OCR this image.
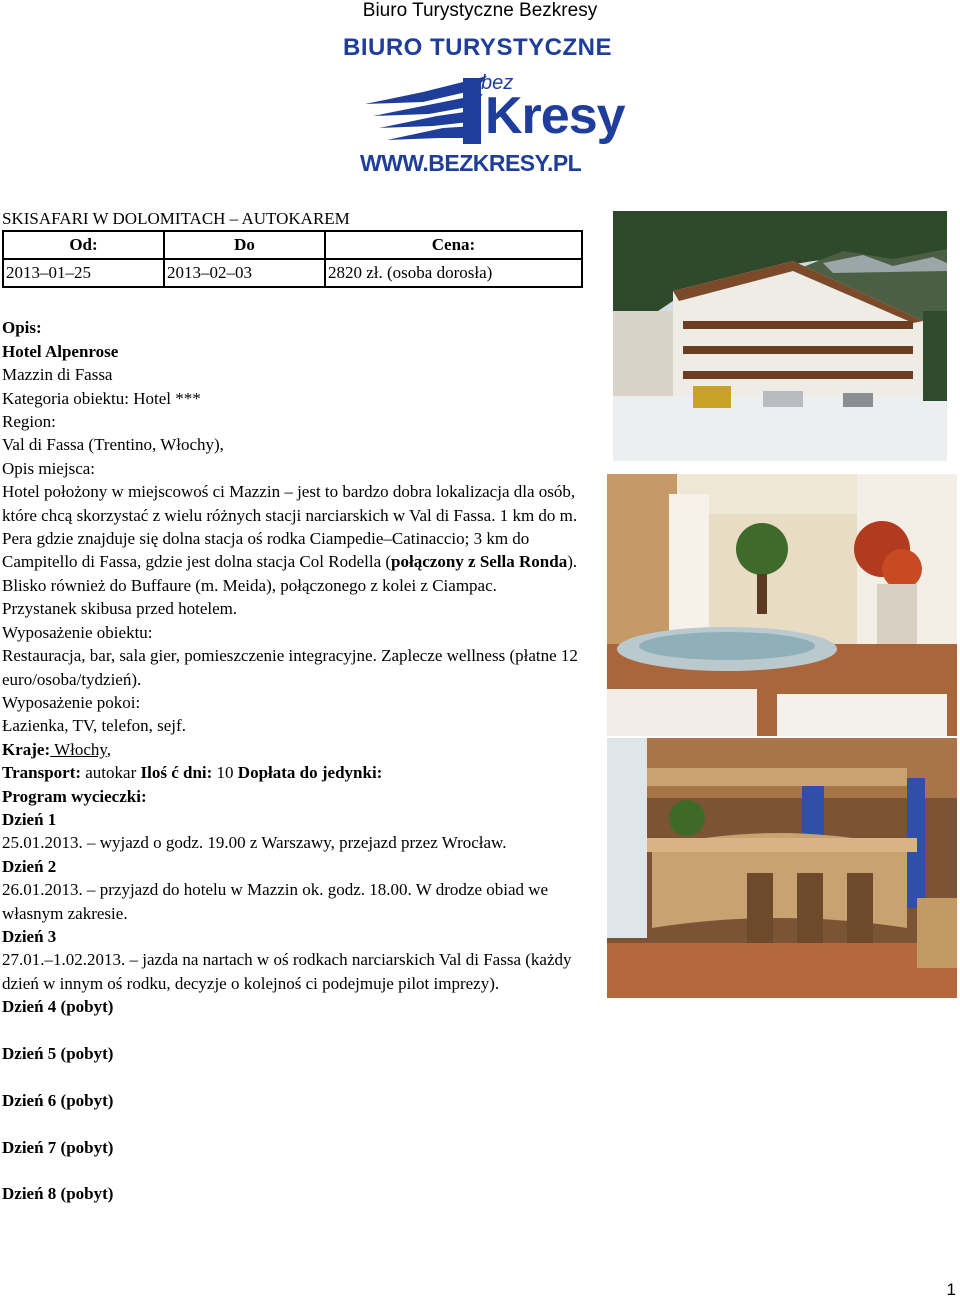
Biuro Turystyczne Bezkresy
BIURO TURYSTYCZNE
bez
Kresy
WWW.BEZKRESY.PL
SKISAFARI W DOLOMITACH – AUTOKAREM
Od:	Do	Cena:
2013–01–25	2013–02–03	2820 zł. (osoba dorosła)
Opis:
Hotel Alpenrose
Mazzin di Fassa
Kategoria obiektu: Hotel ***
Region:
Val di Fassa (Trentino, Włochy),
Opis miejsca:
Hotel położony w miejscowoś ci Mazzin – jest to bardzo dobra lokalizacja dla osób, które chcą skorzystać z wielu różnych stacji narciarskich w Val di Fassa. 1 km do m. Pera gdzie znajduje się dolna stacja oś rodka Ciampedie–Catinaccio; 3 km do Campitello di Fassa, gdzie jest dolna stacja Col Rodella (połączony z Sella Ronda). Blisko również do Buffaure (m. Meida), połączonego z kolei z Ciampac.
Przystanek skibusa przed hotelem.
Wyposażenie obiektu:
Restauracja, bar, sala gier, pomieszczenie integracyjne. Zaplecze wellness (płatne 12 euro/osoba/tydzień).
Wyposażenie pokoi:
Łazienka, TV, telefon, sejf.
Kraje: Włochy,
Transport: autokar Iloś ć dni: 10 Dopłata do jedynki:
Program wycieczki:
Dzień 1
25.01.2013. – wyjazd o godz. 19.00 z Warszawy, przejazd przez Wrocław.
Dzień 2
26.01.2013. – przyjazd do hotelu w Mazzin ok. godz. 18.00. W drodze obiad we własnym zakresie.
Dzień 3
27.01.–1.02.2013. – jazda na nartach w oś rodkach narciarskich Val di Fassa (każdy dzień w innym oś rodku, decyzje o kolejnoś ci podejmuje pilot imprezy).
Dzień 4 (pobyt)
Dzień 5 (pobyt)
Dzień 6 (pobyt)
Dzień 7 (pobyt)
Dzień 8 (pobyt)
1
